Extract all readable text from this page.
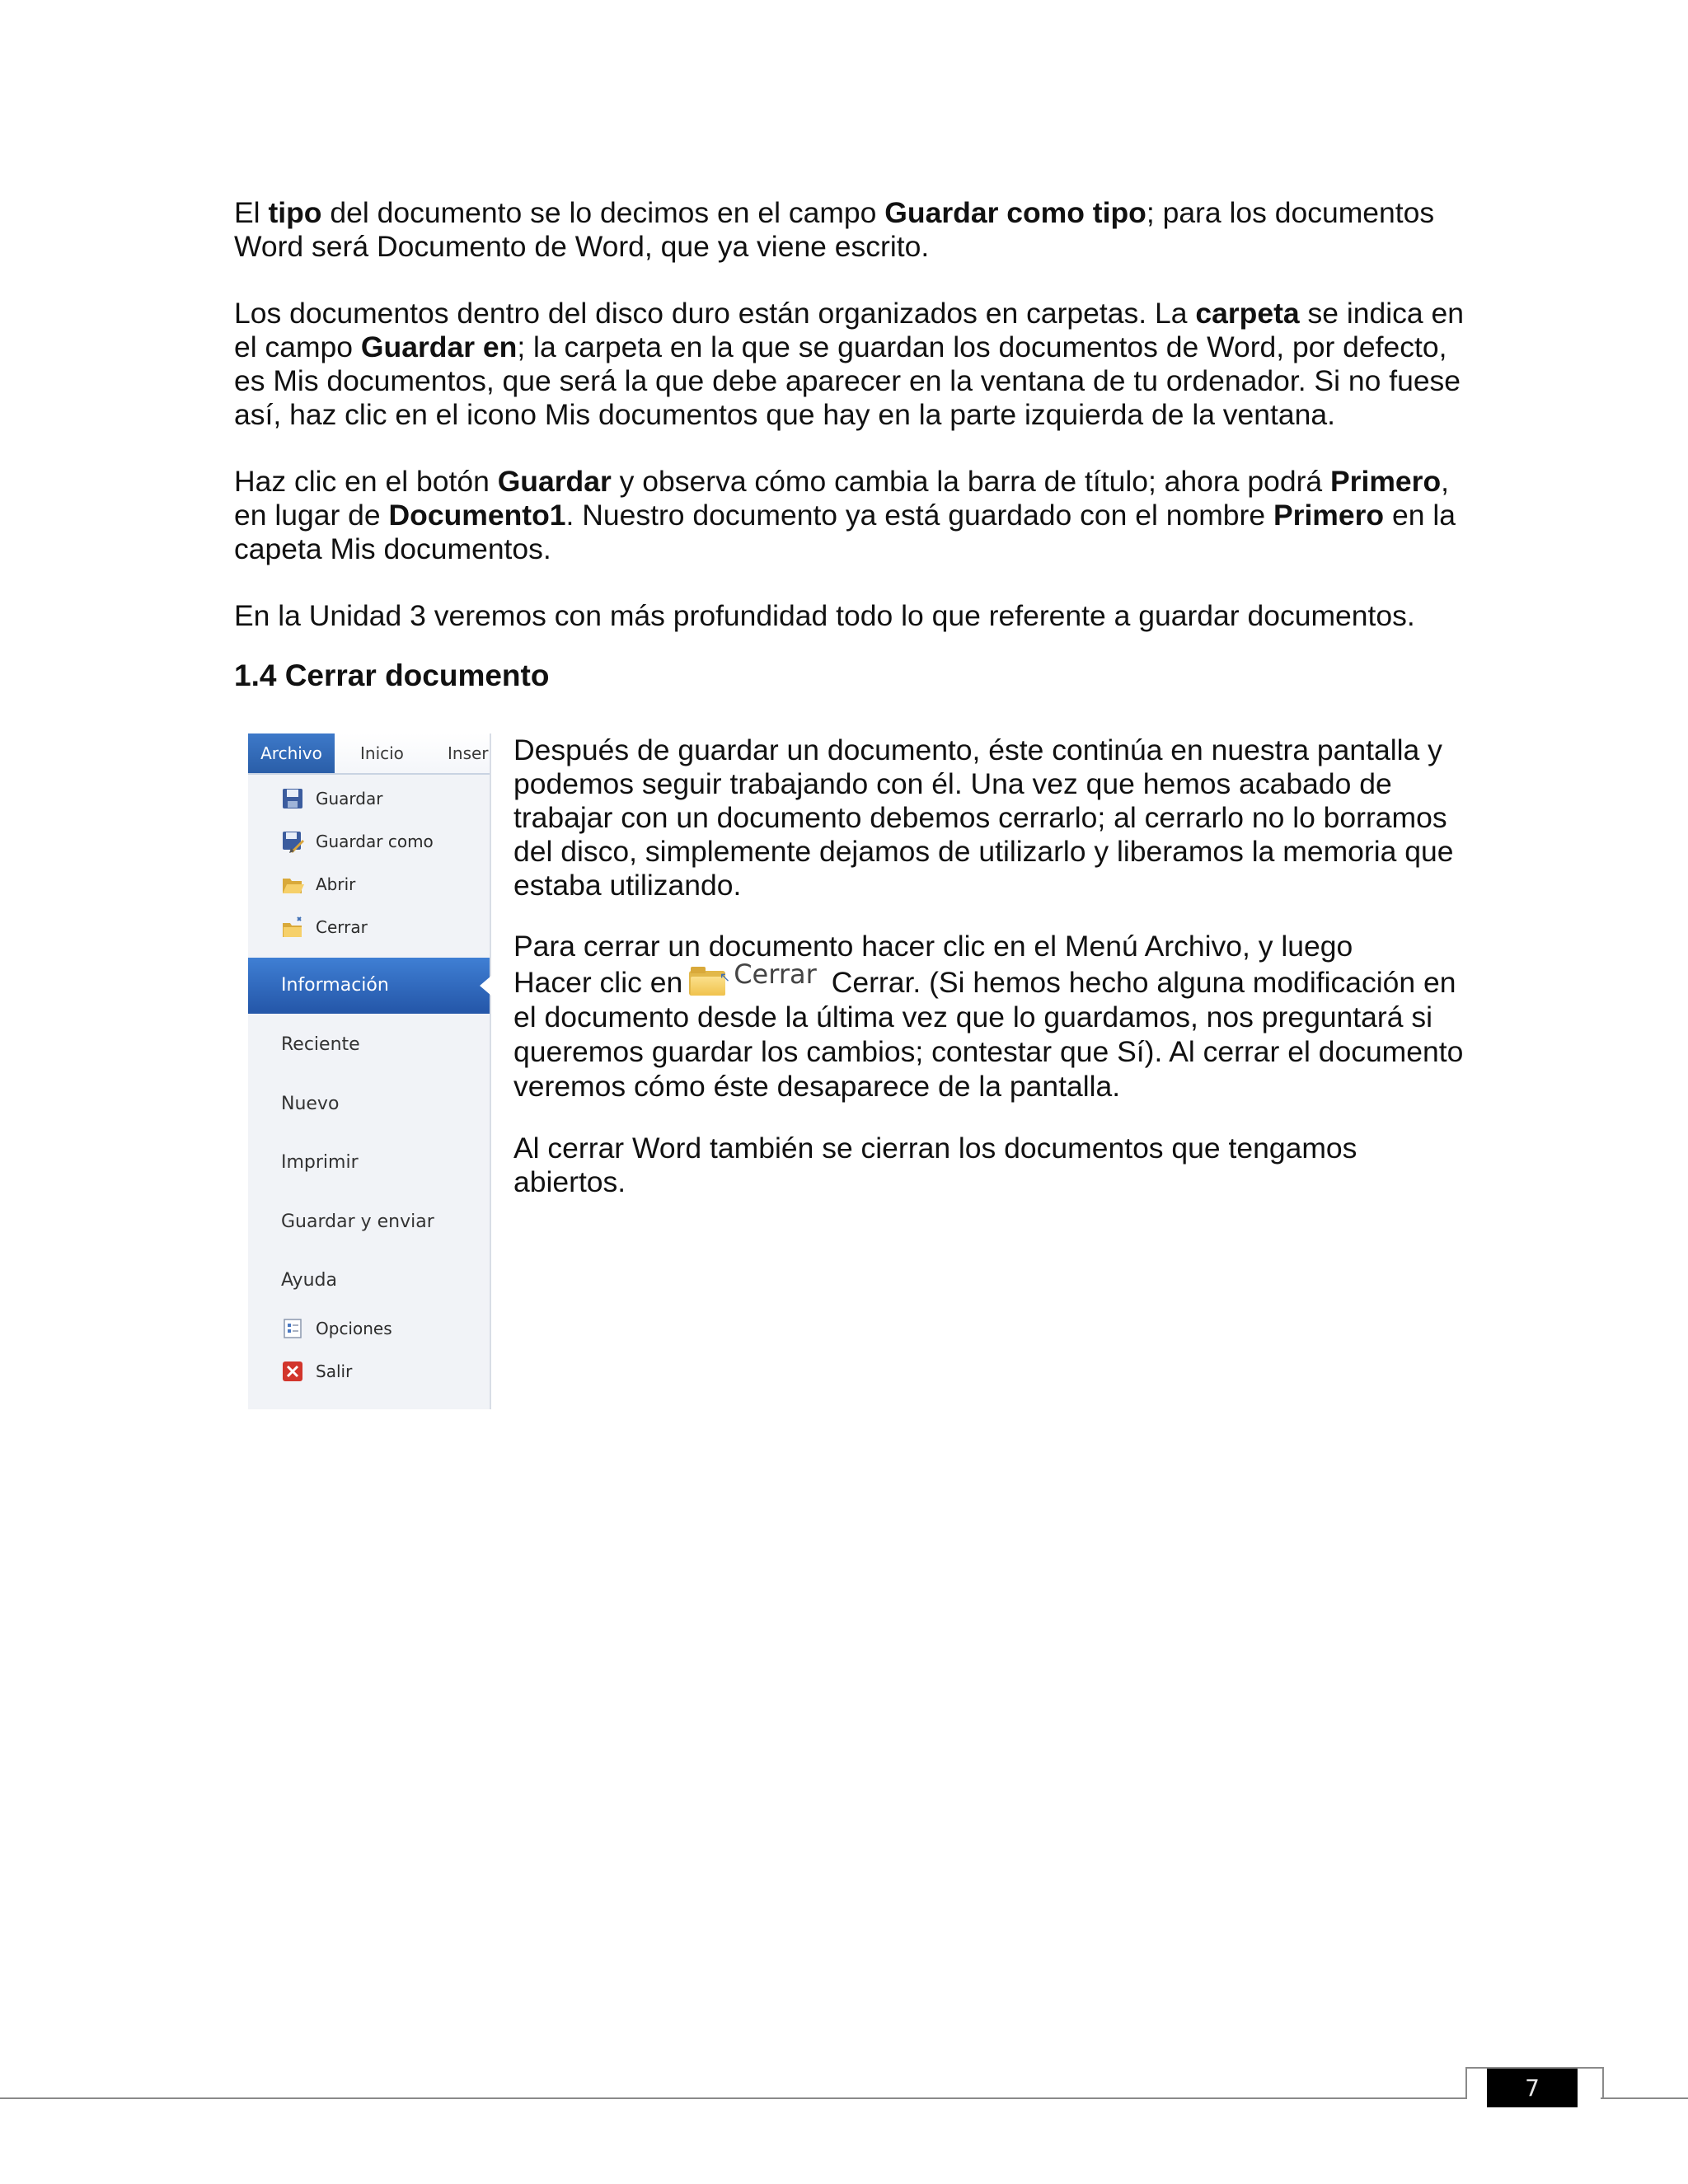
El tipo del documento se lo decimos en el campo Guardar como tipo; para los documentos Word será Documento de Word, que ya viene escrito.

Los documentos dentro del disco duro están organizados en carpetas. La carpeta se indica en el campo Guardar en; la carpeta en la que se guardan los documentos de Word, por defecto, es Mis documentos, que será la que debe aparecer en la ventana de tu ordenador. Si no fuese así, haz clic en el icono Mis documentos que hay en la parte izquierda de la ventana.

Haz clic en el botón Guardar y observa cómo cambia la barra de título; ahora podrá Primero, en lugar de Documento1. Nuestro documento ya está guardado con el nombre Primero en la capeta Mis documentos.

En la Unidad 3 veremos con más profundidad todo lo que referente a guardar documentos.

1.4 Cerrar documento
Archivo	Inicio	Inser
Guardar
Guardar como
Abrir
Cerrar
Información
Reciente
Nuevo
Imprimir
Guardar y enviar
Ayuda
Opciones
Salir

Después de guardar un documento, éste continúa en nuestra pantalla y podemos seguir trabajando con él. Una vez que hemos acabado de trabajar con un documento debemos cerrarlo; al cerrarlo no lo borramos del disco, simplemente dejamos de utilizarlo y liberamos la memoria que estaba utilizando.

Para cerrar un documento hacer clic en el Menú Archivo, y luego
Hacer clic en	↖ Cerrar Cerrar. (Si hemos hecho alguna modificación en el documento desde la última vez que lo guardamos, nos preguntará si queremos guardar los cambios; contestar que Sí). Al cerrar el documento veremos cómo éste desaparece de la pantalla.

Al cerrar Word también se cierran los documentos que tengamos abiertos.

7
